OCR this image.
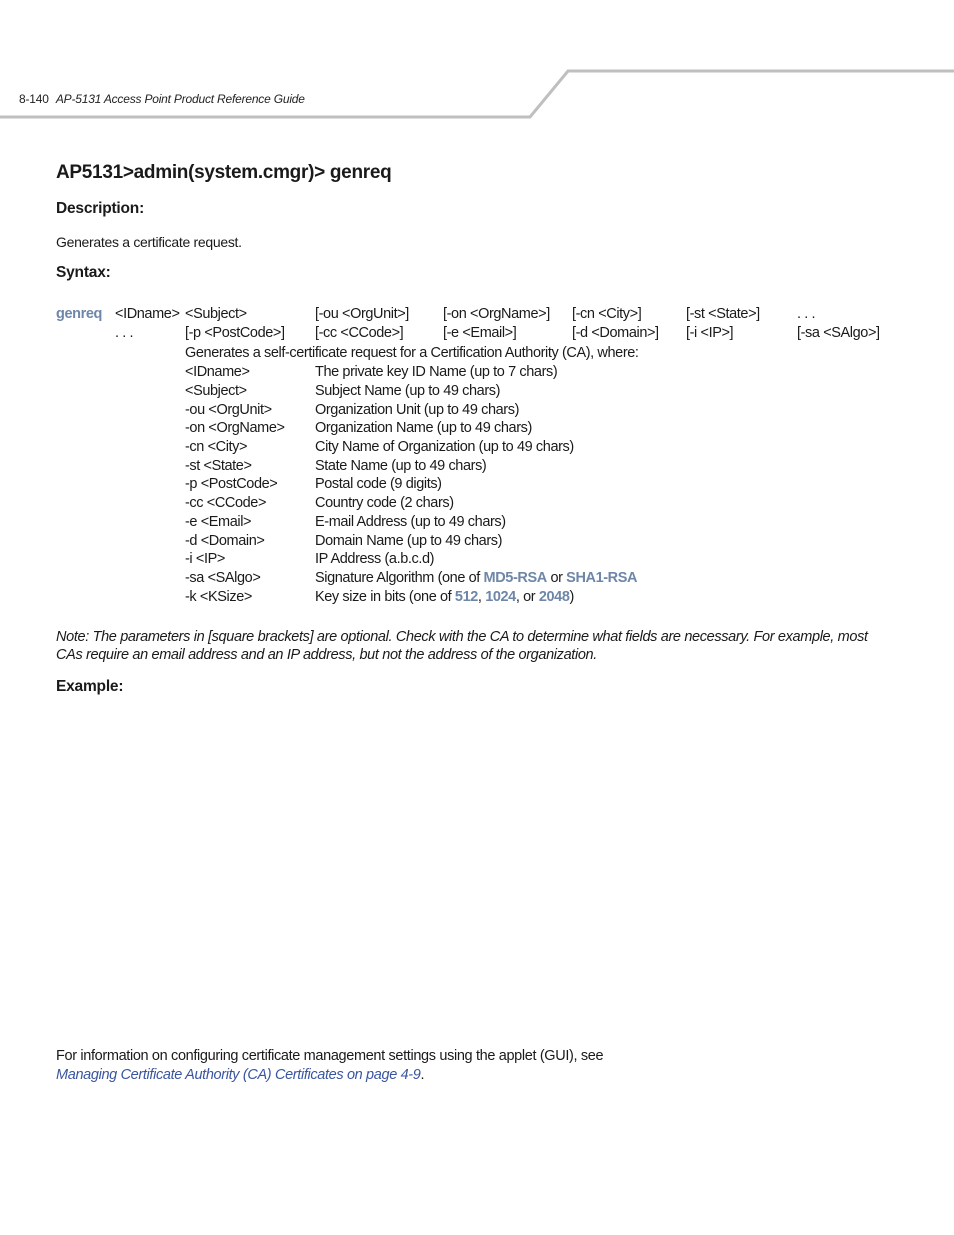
8-140 AP-5131 Access Point Product Reference Guide
AP5131>admin(system.cmgr)> genreq
Description:

Generates a certificate request.

Syntax:
genreq <IDname> <Subject>	[-ou <OrgUnit>] [-on <OrgName>] [-cn <City>]	[-st <State>]	. . .
. . .	[-p <PostCode>] [-cc <CCode>]	[-e <Email>]	[-d <Domain>] [-i <IP>]	[-sa <SAlgo>]
Generates a self-certificate request for a Certification Authority (CA), where:
<IDname>	The private key ID Name (up to 7 chars)
<Subject>	Subject Name (up to 49 chars)
-ou <OrgUnit>	Organization Unit (up to 49 chars)
-on <OrgName> Organization Name (up to 49 chars)
-cn <City>	City Name of Organization (up to 49 chars)
-st <State>	State Name (up to 49 chars)
-p <PostCode>	Postal code (9 digits)
-cc <CCode>	Country code (2 chars)
-e <Email>	E-mail Address (up to 49 chars)
-d <Domain>	Domain Name (up to 49 chars)
-i <IP>	IP Address (a.b.c.d)
-sa <SAlgo>	Signature Algorithm (one of MD5-RSA or SHA1-RSA
-k <KSize>	Key size in bits (one of 512, 1024, or 2048)

Note: The parameters in [square brackets] are optional. Check with the CA to determine what fields are necessary. For example, most CAs require an email address and an IP address, but not the address of the organization.

Example:

For information on configuring certificate management settings using the applet (GUI), see
Managing Certificate Authority (CA) Certificates on page 4-9.
